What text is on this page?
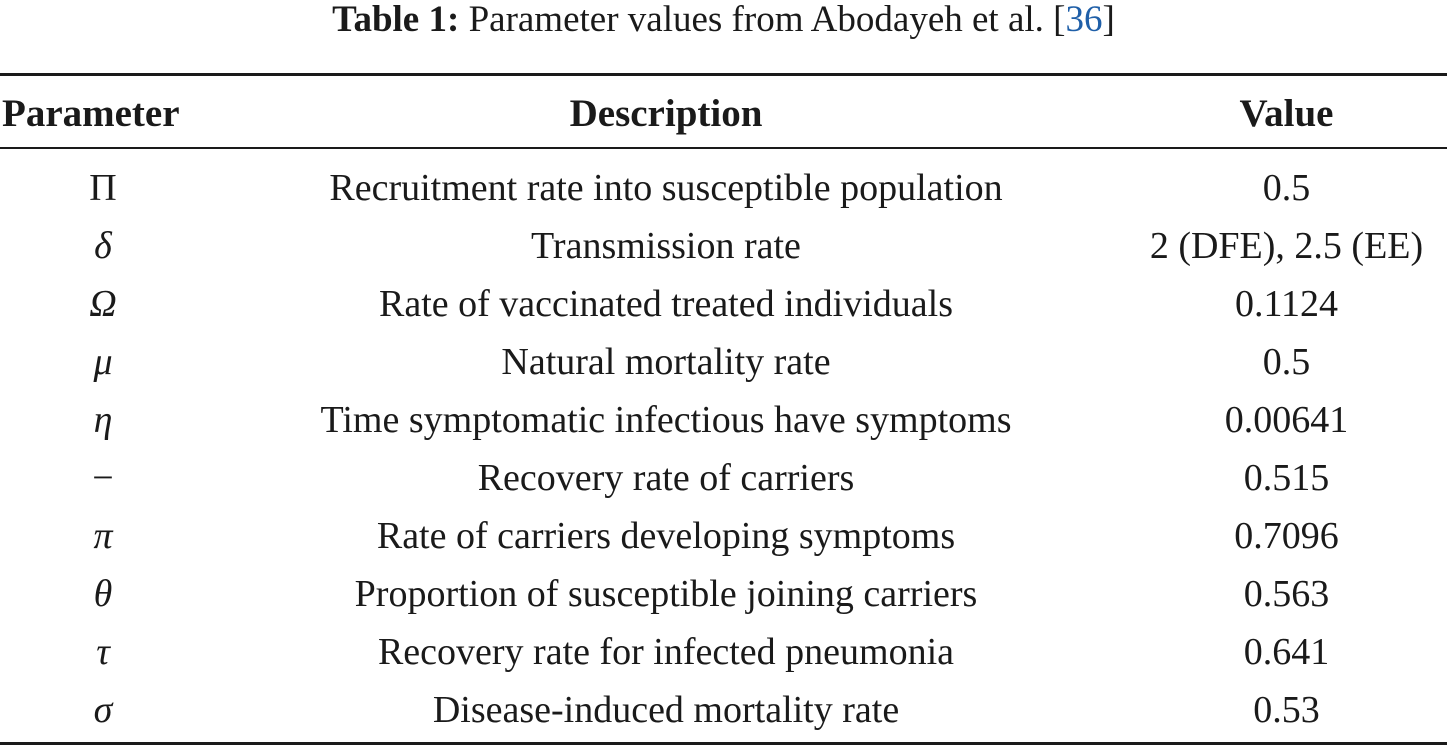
Table 1: Parameter values from Abodayeh et al. [36]
Parameter	Description	Value
Π	Recruitment rate into susceptible population	0.5
δ	Transmission rate	2 (DFE), 2.5 (EE)
Ω	Rate of vaccinated treated individuals	0.1124
μ	Natural mortality rate	0.5
η	Time symptomatic infectious have symptoms	0.00641
−	Recovery rate of carriers	0.515
π	Rate of carriers developing symptoms	0.7096
θ	Proportion of susceptible joining carriers	0.563
τ	Recovery rate for infected pneumonia	0.641
σ	Disease-induced mortality rate	0.53
